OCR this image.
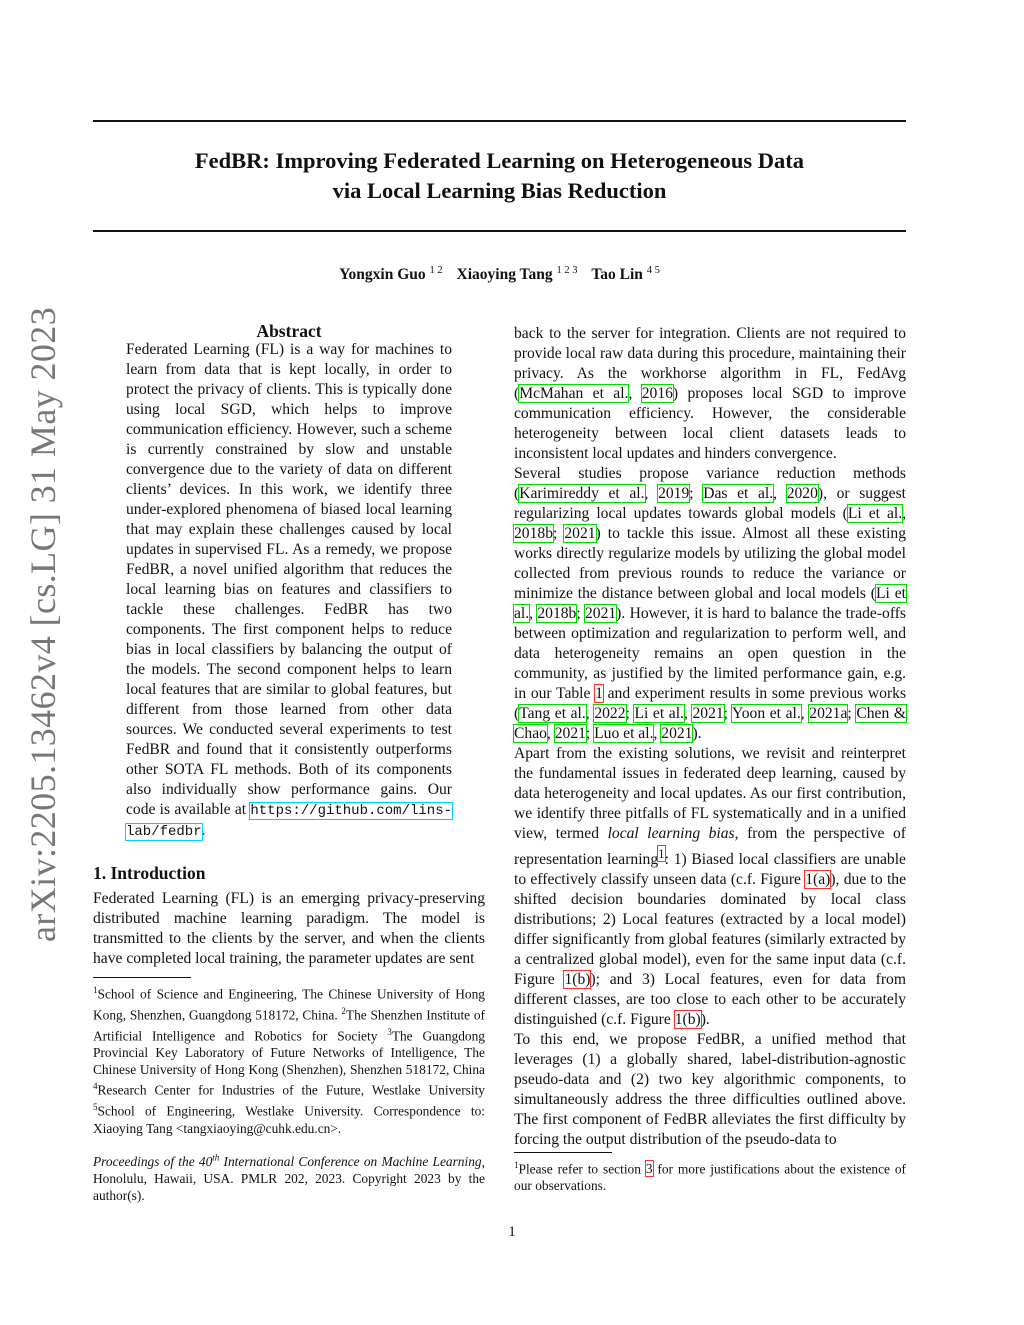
arXiv:2205.13462v4 [cs.LG] 31 May 2023
FedBR: Improving Federated Learning on Heterogeneous Data
via Local Learning Bias Reduction
Yongxin Guo $^{1 2}$ Xiaoying Tang $^{1 2 3}$ Tao Lin $^{4 5}$
Abstract

Federated Learning (FL) is a way for machines to learn from data that is kept locally, in order to protect the privacy of clients. This is typically done using local SGD, which helps to improve communication efficiency. However, such a scheme is currently constrained by slow and unstable convergence due to the variety of data on different clients’ devices. In this work, we identify three under-explored phenomena of biased local learning that may explain these challenges caused by local updates in supervised FL. As a remedy, we propose FedBR, a novel unified algorithm that reduces the local learning bias on features and classifiers to tackle these challenges. FedBR has two components. The first component helps to reduce bias in local classifiers by balancing the output of the models. The second component helps to learn local features that are similar to global features, but different from those learned from other data sources. We conducted several experiments to test FedBR and found that it consistently outperforms other SOTA FL methods. Both of its components also individually show performance gains. Our code is available at https://github.com/lins-lab/fedbr.

1. Introduction

Federated Learning (FL) is an emerging privacy-preserving distributed machine learning paradigm. The model is transmitted to the clients by the server, and when the clients have completed local training, the parameter updates are sent

$^1$School of Science and Engineering, The Chinese University of Hong Kong, Shenzhen, Guangdong 518172, China. $^2$The Shenzhen Institute of Artificial Intelligence and Robotics for Society $^3$The Guangdong Provincial Key Laboratory of Future Networks of Intelligence, The Chinese University of Hong Kong (Shenzhen), Shenzhen 518172, China $^4$Research Center for Industries of the Future, Westlake University $^5$School of Engineering, Westlake University. Correspondence to: Xiaoying Tang <tangxiaoying@cuhk.edu.cn>.

Proceedings of the 40th International Conference on Machine Learning, Honolulu, Hawaii, USA. PMLR 202, 2023. Copyright 2023 by the author(s).

back to the server for integration. Clients are not required to provide local raw data during this procedure, maintaining their privacy. As the workhorse algorithm in FL, FedAvg (McMahan et al., 2016) proposes local SGD to improve communication efficiency. However, the considerable heterogeneity between local client datasets leads to inconsistent local updates and hinders convergence.

Several studies propose variance reduction methods (Karimireddy et al., 2019; Das et al., 2020), or suggest regularizing local updates towards global models (Li et al., 2018b; 2021) to tackle this issue. Almost all these existing works directly regularize models by utilizing the global model collected from previous rounds to reduce the variance or minimize the distance between global and local models (Li et al., 2018b; 2021). However, it is hard to balance the trade-offs between optimization and regularization to perform well, and data heterogeneity remains an open question in the community, as justified by the limited performance gain, e.g. in our Table 1 and experiment results in some previous works (Tang et al., 2022; Li et al., 2021; Yoon et al., 2021a; Chen & Chao, 2021; Luo et al., 2021).

Apart from the existing solutions, we revisit and reinterpret the fundamental issues in federated deep learning, caused by data heterogeneity and local updates. As our first contribution, we identify three pitfalls of FL systematically and in a unified view, termed local learning bias, from the perspective of representation learning$^1$: 1) Biased local classifiers are unable to effectively classify unseen data (c.f. Figure 1(a)), due to the shifted decision boundaries dominated by local class distributions; 2) Local features (extracted by a local model) differ significantly from global features (similarly extracted by a centralized global model), even for the same input data (c.f. Figure 1(b)); and 3) Local features, even for data from different classes, are too close to each other to be accurately distinguished (c.f. Figure 1(b)).

To this end, we propose FedBR, a unified method that leverages (1) a globally shared, label-distribution-agnostic pseudo-data and (2) two key algorithmic components, to simultaneously address the three difficulties outlined above. The first component of FedBR alleviates the first difficulty by forcing the output distribution of the pseudo-data to

$^1$Please refer to section 3 for more justifications about the existence of our observations.

1
